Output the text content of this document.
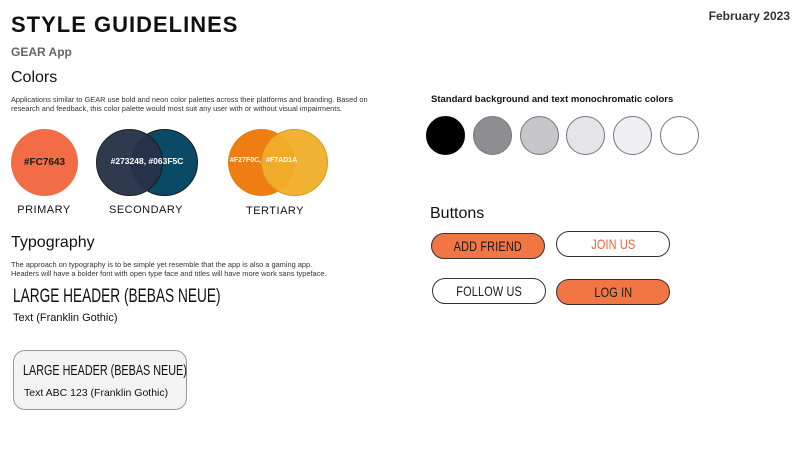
STYLE GUIDELINES
GEAR App
February 2023
Colors
Applications similar to GEAR use bold and neon color palettes across their platforms and branding. Based on research and feedback, this color palette would most suit any user with or without visual impairments.
#FC7643
PRIMARY
#273248, #063F5C
SECONDARY
#F27F0C, #F7AD1A
TERTIARY
Typography
The approach on typography is to be simple yet resemble that the app is also a gaming app.
Headers will have a bolder font with open type face and titles will have more work sans typeface.
LARGE HEADER (BEBAS NEUE)
Text (Franklin Gothic)
LARGE HEADER (BEBAS NEUE)
Text ABC 123 (Franklin Gothic)
Standard background and text monochromatic colors
Buttons
ADD FRIEND	JOIN US
FOLLOW US	LOG IN
